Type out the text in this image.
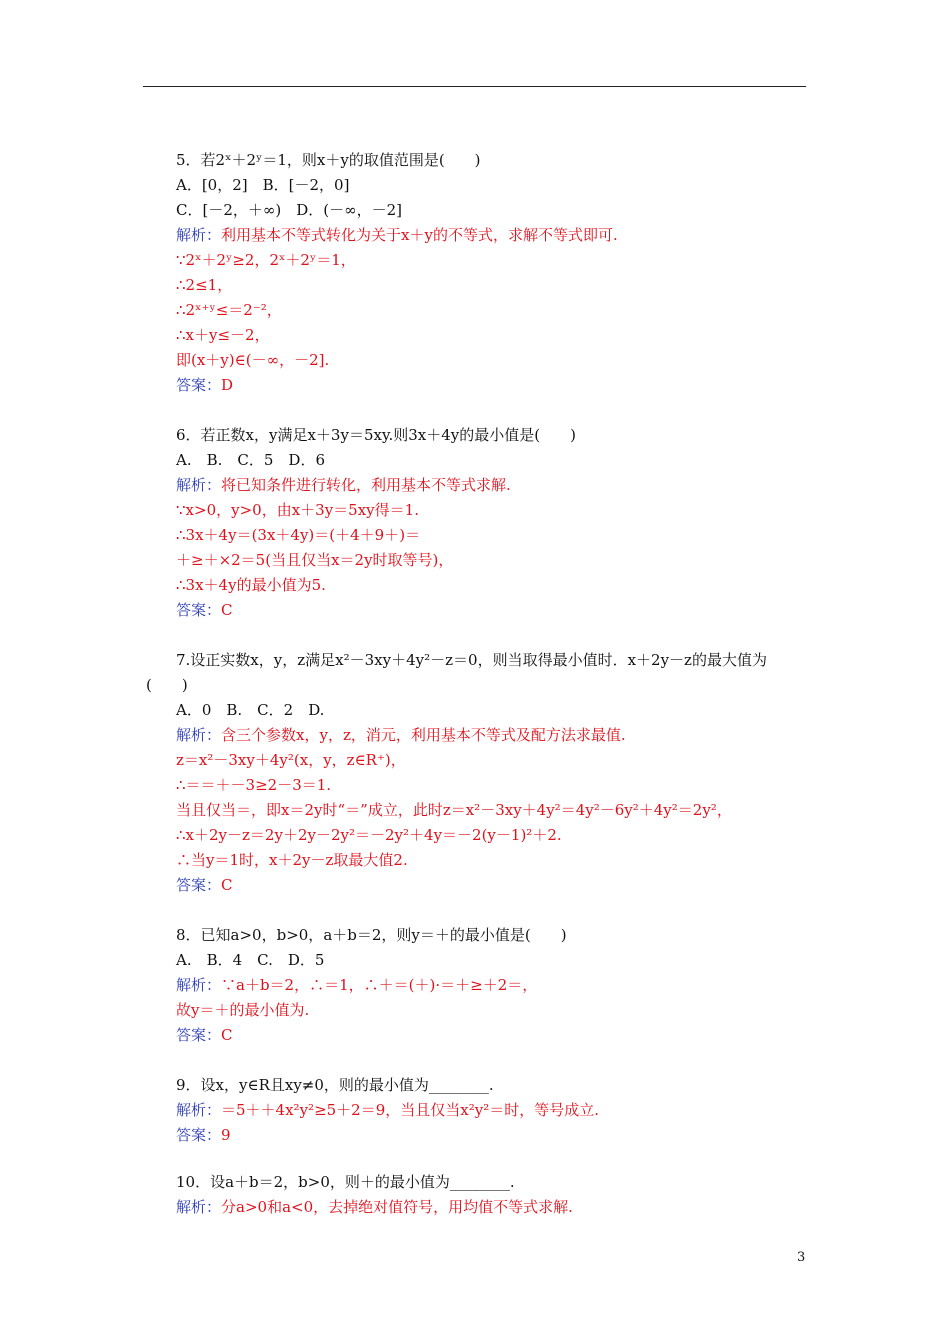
5．若2ˣ＋2ʸ＝1，则x＋y的取值范围是(　　)
A．[0，2]　B．[－2，0]
C．[－2，＋∞)　D．(－∞，－2]
解析：利用基本不等式转化为关于x＋y的不等式，求解不等式即可.
∵2ˣ＋2ʸ≥2，2ˣ＋2ʸ＝1，
∴2≤1，
∴2ˣ⁺ʸ≤＝2⁻²，
∴x＋y≤－2，
即(x＋y)∈(－∞，－2].
答案：D
6．若正数x，y满足x＋3y＝5xy.则3x＋4y的最小值是(　　)
A.　B.　C．5　D．6
解析：将已知条件进行转化，利用基本不等式求解.
∵x>0，y>0，由x＋3y＝5xy得＝1.
∴3x＋4y＝(3x＋4y)＝(＋4＋9＋)＝
＋≥＋×2＝5(当且仅当x＝2y时取等号)，
∴3x＋4y的最小值为5.
答案：C
7.设正实数x，y，z满足x²－3xy＋4y²－z＝0，则当取得最小值时．x＋2y－z的最大值为
(　　)
A．0　B.　C．2　D.
解析：含三个参数x，y，z，消元，利用基本不等式及配方法求最值.
z＝x²－3xy＋4y²(x，y，z∈R⁺)，
∴＝＝＋－3≥2－3＝1.
当且仅当＝，即x＝2y时“＝”成立，此时z＝x²－3xy＋4y²＝4y²－6y²＋4y²＝2y²，
∴x＋2y－z＝2y＋2y－2y²＝－2y²＋4y＝－2(y－1)²＋2.
∴当y＝1时，x＋2y－z取最大值2.
答案：C
8．已知a>0，b>0，a＋b＝2，则y＝＋的最小值是(　　)
A.　B．4　C.　D．5
解析：∵a＋b＝2，∴＝1，∴＋＝(＋)·＝＋≥＋2＝，
故y＝＋的最小值为.
答案：C
9．设x，y∈R且xy≠0，则的最小值为________.
解析：＝5＋＋4x²y²≥5＋2＝9，当且仅当x²y²＝时，等号成立.
答案：9
10．设a＋b＝2，b>0，则＋的最小值为________.
解析：分a>0和a<0，去掉绝对值符号，用均值不等式求解.
3
